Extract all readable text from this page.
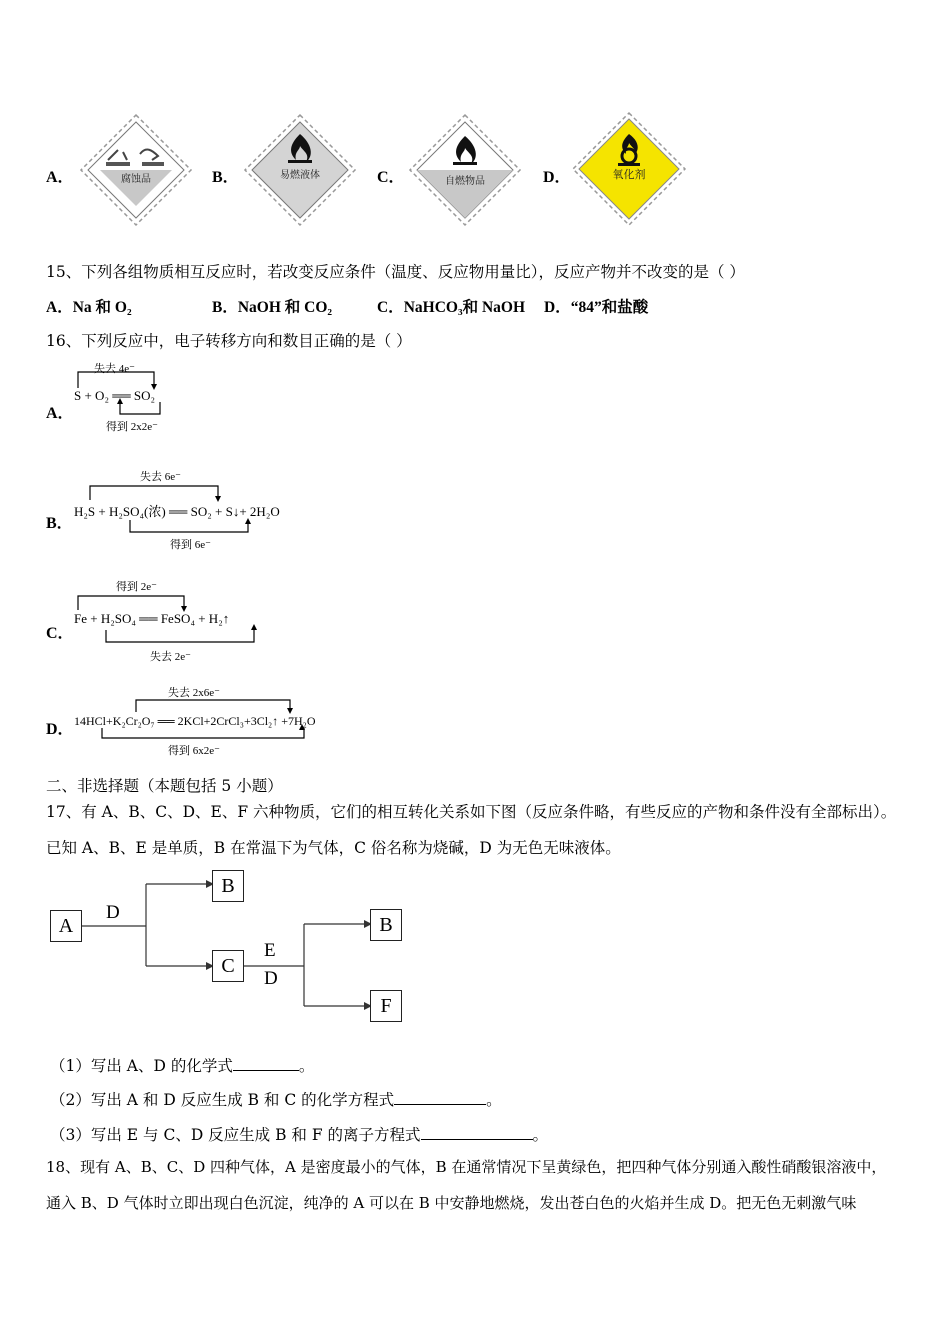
A．	腐蚀品	B．	易燃液体	C．	自燃物品	D．	氧化剂
15、下列各组物质相互反应时，若改变反应条件（温度、反应物用量比），反应产物并不改变的是（ ）
A．Na 和 O₂	B．NaOH 和 CO₂	C．NaHCO₃和 NaOH D．“84”和盐酸
16、下列反应中，电子转移方向和数目正确的是（ ）
A．
失去 4e⁻
S + O₂ ══ SO₂
得到 2x2e⁻
B．
失去 6e⁻
H₂S + H₂SO₄(浓) ══ SO₂ + S↓+ 2H₂O
得到 6e⁻
C．
得到 2e⁻
Fe + H₂SO₄ ══ FeSO₄ + H₂↑
失去 2e⁻
D．
失去 2x6e⁻
14HCl+K₂Cr₂O₇ ══ 2KCl+2CrCl₃+3Cl₂↑ +7H₂O
得到 6x2e⁻
二、非选择题（本题包括 5 小题）
17、有 A、B、C、D、E、F 六种物质，它们的相互转化关系如下图（反应条件略，有些反应的产物和条件没有全部标出）。
已知 A、B、E 是单质，B 在常温下为气体，C 俗名称为烧碱，D 为无色无味液体。
A
B
C
B
F
D
E
D
（1）写出 A、D 的化学式	。
（2）写出 A 和 D 反应生成 B 和 C 的化学方程式	。
（3）写出 E 与 C、D 反应生成 B 和 F 的离子方程式	。
18、现有 A、B、C、D 四种气体，A 是密度最小的气体，B 在通常情况下呈黄绿色，把四种气体分别通入酸性硝酸银溶液中，
通入 B、D 气体时立即出现白色沉淀，纯净的 A 可以在 B 中安静地燃烧，发出苍白色的火焰并生成 D。把无色无刺激气味
